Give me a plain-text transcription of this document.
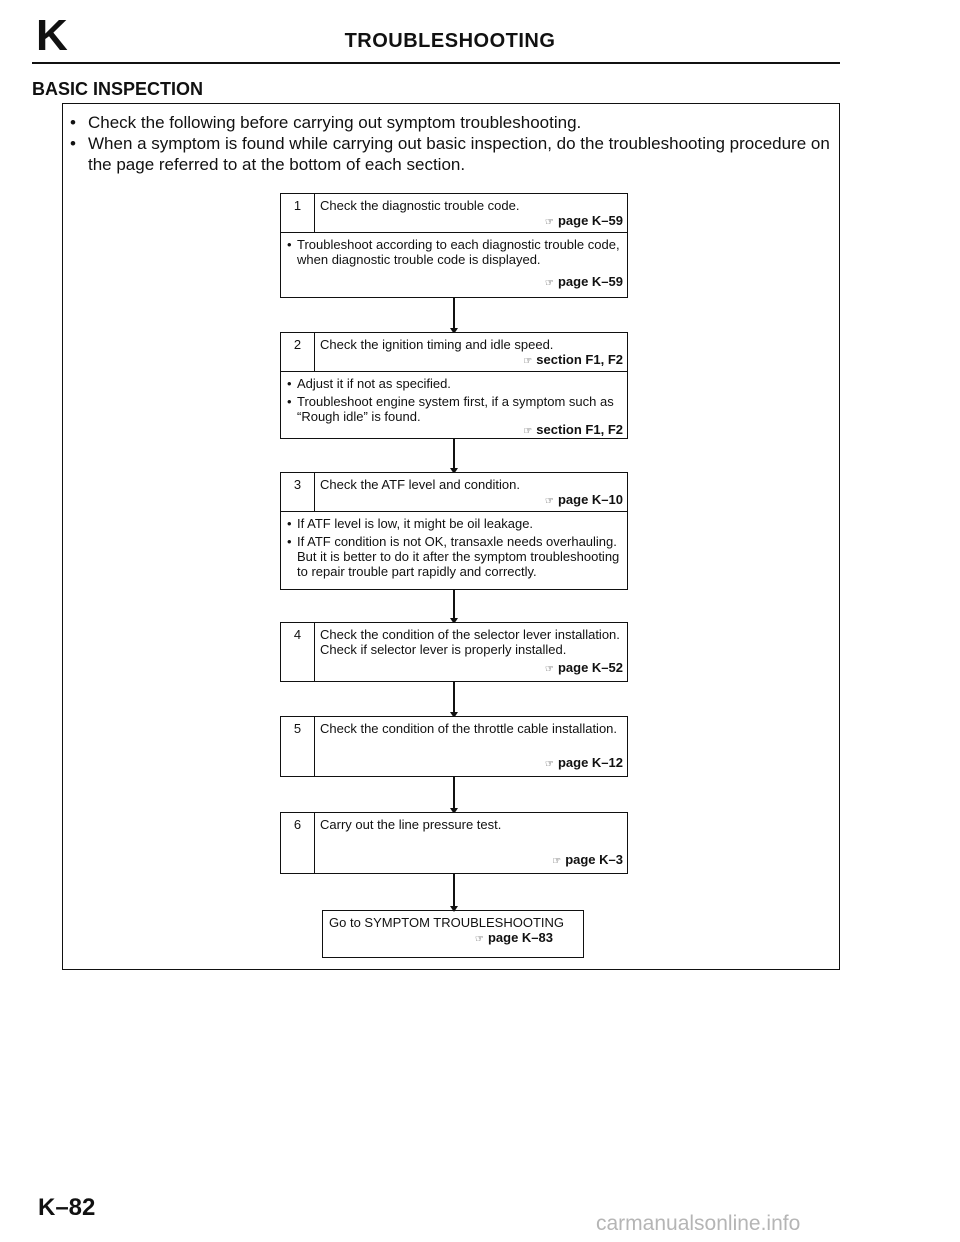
K	TROUBLESHOOTING
BASIC INSPECTION
• Check the following before carrying out symptom troubleshooting.
• When a symptom is found while carrying out basic inspection, do the troubleshooting procedure on the page referred to at the bottom of each section.
1	Check the diagnostic trouble code.
☞ page K–59
• Troubleshoot according to each diagnostic trouble code, when diagnostic trouble code is displayed.
☞ page K–59
2	Check the ignition timing and idle speed.
☞ section F1, F2
• Adjust it if not as specified.
• Troubleshoot engine system first, if a symptom such as “Rough idle” is found.
☞ section F1, F2
3	Check the ATF level and condition.
☞ page K–10
• If ATF level is low, it might be oil leakage.
• If ATF condition is not OK, transaxle needs overhauling. But it is better to do it after the symptom troubleshooting to repair trouble part rapidly and correctly.
4	Check the condition of the selector lever installation. Check if selector lever is properly installed.
☞ page K–52
5	Check the condition of the throttle cable installation.
☞ page K–12
6	Carry out the line pressure test.
☞ page K–3
Go to SYMPTOM TROUBLESHOOTING
☞ page K–83
K–82
carmanualsonline.info
